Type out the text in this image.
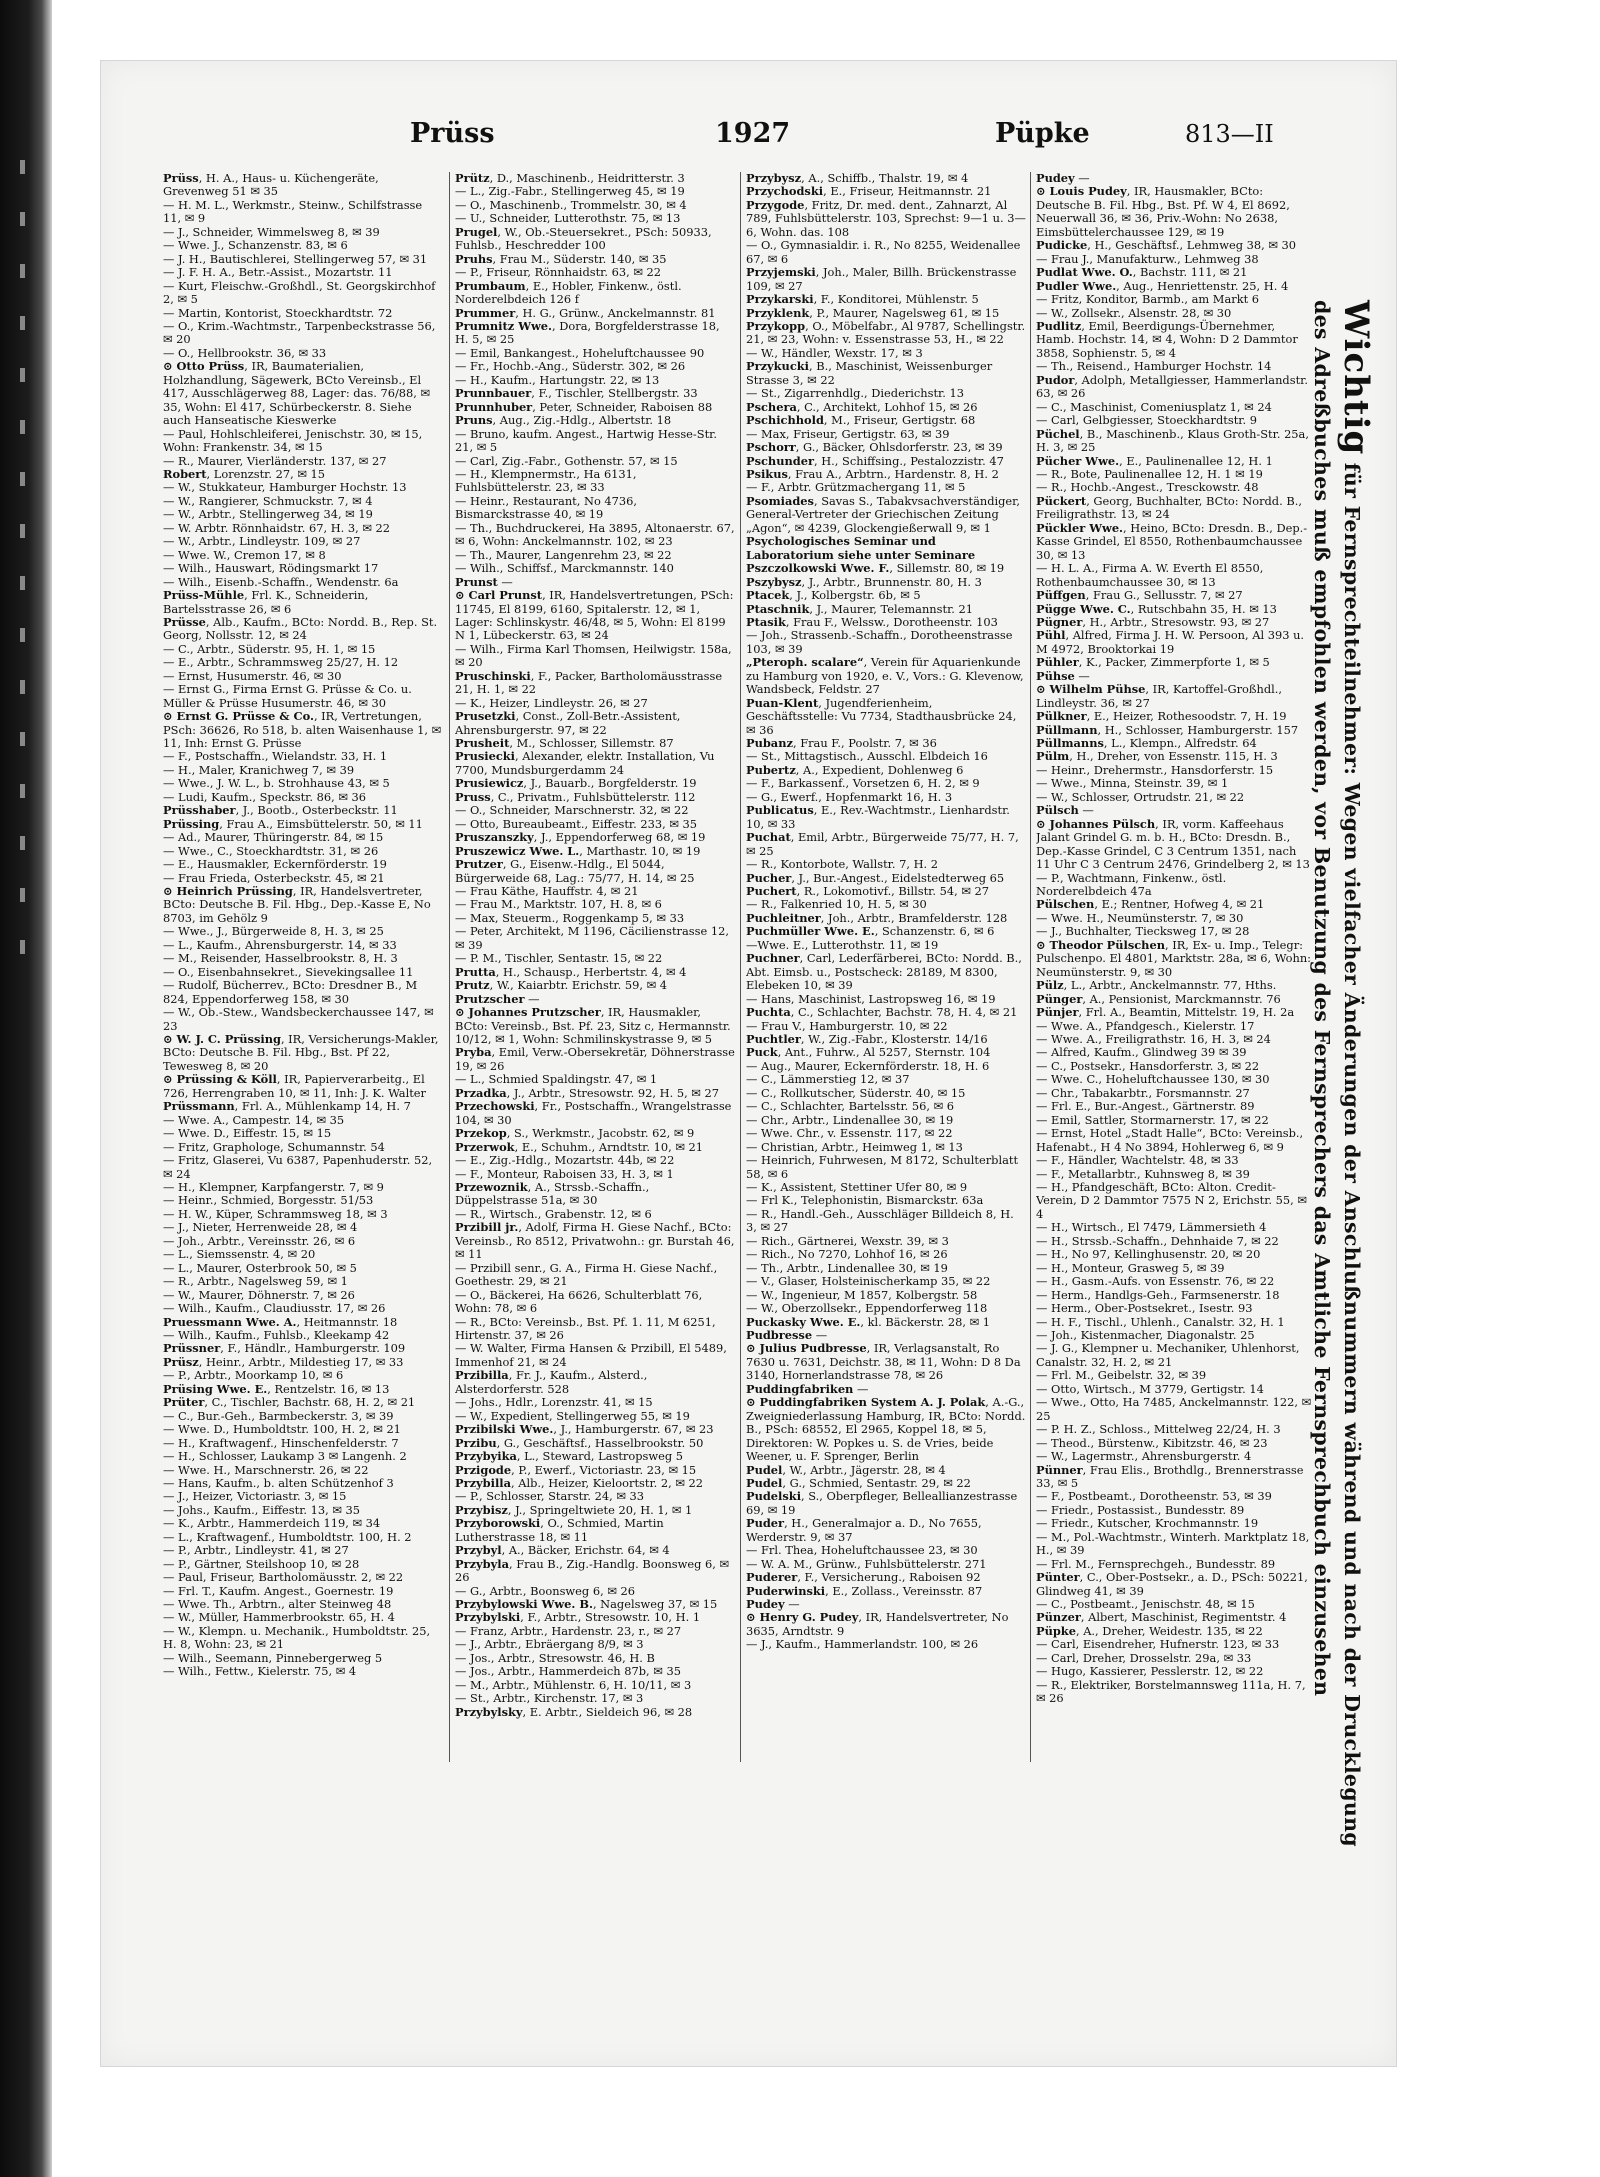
Prüss	1927	Püpke	813—II

Prüss, H. A., Haus- u. Küchengeräte, Grevenweg 51 ✉ 35

— H. M. L., Werkmstr., Steinw., Schilfstrasse 11, ✉ 9

— J., Schneider, Wimmelsweg 8, ✉ 39

— Wwe. J., Schanzenstr. 83, ✉ 6

— J. H., Bautischlerei, Stellingerweg 57, ✉ 31

— J. F. H. A., Betr.-Assist., Mozartstr. 11

— Kurt, Fleischw.-Großhdl., St. Georgskirchhof 2, ✉ 5

— Martin, Kontorist, Stoeckhardtstr. 72

— O., Krim.-Wachtmstr., Tarpenbeckstrasse 56, ✉ 20

— O., Hellbrookstr. 36, ✉ 33

⊙ Otto Prüss, IR, Baumaterialien, Holzhandlung, Sägewerk, BCto Vereinsb., El 417, Ausschlägerweg 88, Lager: das. 76/88, ✉ 35, Wohn: El 417, Schürbeckerstr. 8. Siehe auch Hanseatische Kieswerke

— Paul, Hohlschleiferei, Jenischstr. 30, ✉ 15, Wohn: Frankenstr. 34, ✉ 15

— R., Maurer, Vierländerstr. 137, ✉ 27

Robert, Lorenzstr. 27, ✉ 15

— W., Stukkateur, Hamburger Hochstr. 13

— W., Rangierer, Schmuckstr. 7, ✉ 4

— W., Arbtr., Stellingerweg 34, ✉ 19

— W. Arbtr. Rönnhaidstr. 67, H. 3, ✉ 22

— W., Arbtr., Lindleystr. 109, ✉ 27

— Wwe. W., Cremon 17, ✉ 8

— Wilh., Hauswart, Rödingsmarkt 17

— Wilh., Eisenb.-Schaffn., Wendenstr. 6a

Prüss-Mühle, Frl. K., Schneiderin, Bartelsstrasse 26, ✉ 6

Prüsse, Alb., Kaufm., BCto: Nordd. B., Rep. St. Georg, Nollsstr. 12, ✉ 24

— C., Arbtr., Süderstr. 95, H. 1, ✉ 15

— E., Arbtr., Schrammsweg 25/27, H. 12

— Ernst, Husumerstr. 46, ✉ 30

— Ernst G., Firma Ernst G. Prüsse & Co. u. Müller & Prüsse Husumerstr. 46, ✉ 30

⊙ Ernst G. Prüsse & Co., IR, Vertretungen, PSch: 36626, Ro 518, b. alten Waisenhause 1, ✉ 11, Inh: Ernst G. Prüsse

— F., Postschaffn., Wielandstr. 33, H. 1

— H., Maler, Kranichweg 7, ✉ 39

— Wwe., J. W. L., b. Strohhause 43, ✉ 5

— Ludi, Kaufm., Speckstr. 86, ✉ 36

Prüsshaber, J., Bootb., Osterbeckstr. 11

Prüssing, Frau A., Eimsbüttelerstr. 50, ✉ 11

— Ad., Maurer, Thüringerstr. 84, ✉ 15

— Wwe., C., Stoeckhardtstr. 31, ✉ 26

— E., Hausmakler, Eckernförderstr. 19

— Frau Frieda, Osterbeckstr. 45, ✉ 21

⊙ Heinrich Prüssing, IR, Handelsvertreter, BCto: Deutsche B. Fil. Hbg., Dep.-Kasse E, No 8703, im Gehölz 9

— Wwe., J., Bürgerweide 8, H. 3, ✉ 25

— L., Kaufm., Ahrensburgerstr. 14, ✉ 33

— M., Reisender, Hasselbrookstr. 8, H. 3

— O., Eisenbahnsekret., Sievekingsallee 11

— Rudolf, Bücherrev., BCto: Dresdner B., M 824, Eppendorferweg 158, ✉ 30

— W., Ob.-Stew., Wandsbeckerchaussee 147, ✉ 23

⊙ W. J. C. Prüssing, IR, Versicherungs-Makler, BCto: Deutsche B. Fil. Hbg., Bst. Pf 22, Tewesweg 8, ✉ 20

⊙ Prüssing & Köll, IR, Papierverarbeitg., El 726, Herrengraben 10, ✉ 11, Inh: J. K. Walter

Prüssmann, Frl. A., Mühlenkamp 14, H. 7

— Wwe. A., Campestr. 14, ✉ 35

— Wwe. D., Eiffestr. 15, ✉ 15

— Fritz, Graphologe, Schumannstr. 54

— Fritz, Glaserei, Vu 6387, Papenhuderstr. 52, ✉ 24

— H., Klempner, Karpfangerstr. 7, ✉ 9

— Heinr., Schmied, Borgesstr. 51/53

— H. W., Küper, Schrammsweg 18, ✉ 3

— J., Nieter, Herrenweide 28, ✉ 4

— Joh., Arbtr., Vereinsstr. 26, ✉ 6

— L., Siemssenstr. 4, ✉ 20

— L., Maurer, Osterbrook 50, ✉ 5

— R., Arbtr., Nagelsweg 59, ✉ 1

— W., Maurer, Döhnerstr. 7, ✉ 26

— Wilh., Kaufm., Claudiusstr. 17, ✉ 26

Pruessmann Wwe. A., Heitmannstr. 18

— Wilh., Kaufm., Fuhlsb., Kleekamp 42

Prüssner, F., Händlr., Hamburgerstr. 109

Prüsz, Heinr., Arbtr., Mildestieg 17, ✉ 33

— P., Arbtr., Moorkamp 10, ✉ 6

Prüsing Wwe. E., Rentzelstr. 16, ✉ 13

Prüter, C., Tischler, Bachstr. 68, H. 2, ✉ 21

— C., Bur.-Geh., Barmbeckerstr. 3, ✉ 39

— Wwe. D., Humboldtstr. 100, H. 2, ✉ 21

— H., Kraftwagenf., Hinschenfelderstr. 7

— H., Schlosser, Laukamp 3 ✉ Langenh. 2

— Wwe. H., Marschnerstr. 26, ✉ 22

— Hans, Kaufm., b. alten Schützenhof 3

— J., Heizer, Victoriastr. 3, ✉ 15

— Johs., Kaufm., Eiffestr. 13, ✉ 35

— K., Arbtr., Hammerdeich 119, ✉ 34

— L., Kraftwagenf., Humboldtstr. 100, H. 2

— P., Arbtr., Lindleystr. 41, ✉ 27

— P., Gärtner, Steilshoop 10, ✉ 28

— Paul, Friseur, Bartholomäusstr. 2, ✉ 22

— Frl. T., Kaufm. Angest., Goernestr. 19

— Wwe. Th., Arbtrn., alter Steinweg 48

— W., Müller, Hammerbrookstr. 65, H. 4

— W., Klempn. u. Mechanik., Humboldtstr. 25, H. 8, Wohn: 23, ✉ 21

— Wilh., Seemann, Pinnebergerweg 5

— Wilh., Fettw., Kielerstr. 75, ✉ 4

Prütz, D., Maschinenb., Heidritterstr. 3

— L., Zig.-Fabr., Stellingerweg 45, ✉ 19

— O., Maschinenb., Trommelstr. 30, ✉ 4

— U., Schneider, Lutterothstr. 75, ✉ 13

Prugel, W., Ob.-Steuersekret., PSch: 50933, Fuhlsb., Heschredder 100

Pruhs, Frau M., Süderstr. 140, ✉ 35

— P., Friseur, Rönnhaidstr. 63, ✉ 22

Prumbaum, E., Hobler, Finkenw., östl. Norderelbdeich 126 f

Prummer, H. G., Grünw., Anckelmannstr. 81

Prumnitz Wwe., Dora, Borgfelderstrasse 18, H. 5, ✉ 25

— Emil, Bankangest., Hoheluftchaussee 90

— Fr., Hochb.-Ang., Süderstr. 302, ✉ 26

— H., Kaufm., Hartungstr. 22, ✉ 13

Prunnbauer, F., Tischler, Stellbergstr. 33

Prunnhuber, Peter, Schneider, Raboisen 88

Pruns, Aug., Zig.-Hdlg., Albertstr. 18

— Bruno, kaufm. Angest., Hartwig Hesse-Str. 21, ✉ 5

— Carl, Zig.-Fabr., Gothenstr. 57, ✉ 15

— H., Klempnermstr., Ha 6131, Fuhlsbüttelerstr. 23, ✉ 33

— Heinr., Restaurant, No 4736, Bismarckstrasse 40, ✉ 19

— Th., Buchdruckerei, Ha 3895, Altonaerstr. 67, ✉ 6, Wohn: Anckelmannstr. 102, ✉ 23

— Th., Maurer, Langenrehm 23, ✉ 22

— Wilh., Schiffsf., Marckmannstr. 140

Prunst —

⊙ Carl Prunst, IR, Handelsvertretungen, PSch: 11745, El 8199, 6160, Spitalerstr. 12, ✉ 1, Lager: Schlinskystr. 46/48, ✉ 5, Wohn: El 8199 N 1, Lübeckerstr. 63, ✉ 24

— Wilh., Firma Karl Thomsen, Heilwigstr. 158a, ✉ 20

Pruschinski, F., Packer, Bartholomäusstrasse 21, H. 1, ✉ 22

— K., Heizer, Lindleystr. 26, ✉ 27

Prusetzki, Const., Zoll-Betr.-Assistent, Ahrensburgerstr. 97, ✉ 22

Prusheit, M., Schlosser, Sillemstr. 87

Prusiecki, Alexander, elektr. Installation, Vu 7700, Mundsburgerdamm 24

Prusiewicz, J., Bauarb., Borgfelderstr. 19

Pruss, C., Privatm., Fuhlsbüttelerstr. 112

— O., Schneider, Marschnerstr. 32, ✉ 22

— Otto, Bureaubeamt., Eiffestr. 233, ✉ 35

Pruszanszky, J., Eppendorferweg 68, ✉ 19

Pruszewicz Wwe. L., Marthastr. 10, ✉ 19

Prutzer, G., Eisenw.-Hdlg., El 5044, Bürgerweide 68, Lag.: 75/77, H. 14, ✉ 25

— Frau Käthe, Hauffstr. 4, ✉ 21

— Frau M., Marktstr. 107, H. 8, ✉ 6

— Max, Steuerm., Roggenkamp 5, ✉ 33

— Peter, Architekt, M 1196, Cäcilienstrasse 12, ✉ 39

— P. M., Tischler, Sentastr. 15, ✉ 22

Prutta, H., Schausp., Herbertstr. 4, ✉ 4

Prutz, W., Kaiarbtr. Erichstr. 59, ✉ 4

Prutzscher —

⊙ Johannes Prutzscher, IR, Hausmakler, BCto: Vereinsb., Bst. Pf. 23, Sitz c, Hermannstr. 10/12, ✉ 1, Wohn: Schmilinskystrasse 9, ✉ 5

Pryba, Emil, Verw.-Obersekretär, Döhnerstrasse 19, ✉ 26

— L., Schmied Spaldingstr. 47, ✉ 1

Przadka, J., Arbtr., Stresowstr. 92, H. 5, ✉ 27

Przechowski, Fr., Postschaffn., Wrangelstrasse 104, ✉ 30

Przekop, S., Werkmstr., Jacobstr. 62, ✉ 9

Przerwok, E., Schuhm., Arndtstr. 10, ✉ 21

— E., Zig.-Hdlg., Mozartstr. 44b, ✉ 22

— F., Monteur, Raboisen 33, H. 3, ✉ 1

Przewoznik, A., Strssb.-Schaffn., Düppelstrasse 51a, ✉ 30

— R., Wirtsch., Grabenstr. 12, ✉ 6

Przibill jr., Adolf, Firma H. Giese Nachf., BCto: Vereinsb., Ro 8512, Privatwohn.: gr. Burstah 46, ✉ 11

— Przibill senr., G. A., Firma H. Giese Nachf., Goethestr. 29, ✉ 21

— O., Bäckerei, Ha 6626, Schulterblatt 76, Wohn: 78, ✉ 6

— R., BCto: Vereinsb., Bst. Pf. 1. 11, M 6251, Hirtenstr. 37, ✉ 26

— W. Walter, Firma Hansen & Przibill, El 5489, Immenhof 21, ✉ 24

Przibilla, Fr. J., Kaufm., Alsterd., Alsterdorferstr. 528

— Johs., Hdlr., Lorenzstr. 41, ✉ 15

— W., Expedient, Stellingerweg 55, ✉ 19

Przibilski Wwe., J., Hamburgerstr. 67, ✉ 23

Przibu, G., Geschäftsf., Hasselbrookstr. 50

Przybyika, L., Steward, Lastropsweg 5

Przigode, P., Ewerf., Victoriastr. 23, ✉ 15

Przybilla, Alb., Heizer, Kieloortstr. 2, ✉ 22

— P., Schlosser, Starstr. 24, ✉ 33

Przybisz, J., Springeltwiete 20, H. 1, ✉ 1

Przyborowski, O., Schmied, Martin Lutherstrasse 18, ✉ 11

Przybyl, A., Bäcker, Erichstr. 64, ✉ 4

Przybyla, Frau B., Zig.-Handlg. Boonsweg 6, ✉ 26

— G., Arbtr., Boonsweg 6, ✉ 26

Przybylowski Wwe. B., Nagelsweg 37, ✉ 15

Przybylski, F., Arbtr., Stresowstr. 10, H. 1

— Franz, Arbtr., Hardenstr. 23, r., ✉ 27

— J., Arbtr., Ebräergang 8/9, ✉ 3

— Jos., Arbtr., Stresowstr. 46, H. B

— Jos., Arbtr., Hammerdeich 87b, ✉ 35

— M., Arbtr., Mühlenstr. 6, H. 10/11, ✉ 3

— St., Arbtr., Kirchenstr. 17, ✉ 3

Przybylsky, E. Arbtr., Sieldeich 96, ✉ 28

Przybysz, A., Schiffb., Thalstr. 19, ✉ 4

Przychodski, E., Friseur, Heitmannstr. 21

Przygode, Fritz, Dr. med. dent., Zahnarzt, Al 789, Fuhlsbüttelerstr. 103, Sprechst: 9—1 u. 3—6, Wohn. das. 108

— O., Gymnasialdir. i. R., No 8255, Weidenallee 67, ✉ 6

Przyjemski, Joh., Maler, Billh. Brückenstrasse 109, ✉ 27

Przykarski, F., Konditorei, Mühlenstr. 5

Przyklenk, P., Maurer, Nagelsweg 61, ✉ 15

Przykopp, O., Möbelfabr., Al 9787, Schellingstr. 21, ✉ 23, Wohn: v. Essenstrasse 53, H., ✉ 22

— W., Händler, Wexstr. 17, ✉ 3

Przykucki, B., Maschinist, Weissenburger Strasse 3, ✉ 22

— St., Zigarrenhdlg., Diederichstr. 13

Pschera, C., Architekt, Lohhof 15, ✉ 26

Pschichhold, M., Friseur, Gertigstr. 68

— Max, Friseur, Gertigstr. 63, ✉ 39

Pschorr, G., Bäcker, Ohlsdorferstr. 23, ✉ 39

Pschunder, H., Schiffsing., Pestalozzistr. 47

Psikus, Frau A., Arbtrn., Hardenstr. 8, H. 2

— F., Arbtr. Grützmachergang 11, ✉ 5

Psomiades, Savas S., Tabakvsachverständiger, General-Vertreter der Griechischen Zeitung „Agon“, ✉ 4239, Glockengießerwall 9, ✉ 1

Psychologisches Seminar und Laboratorium siehe unter Seminare

Pszczolkowski Wwe. F., Sillemstr. 80, ✉ 19

Pszybysz, J., Arbtr., Brunnenstr. 80, H. 3

Ptacek, J., Kolbergstr. 6b, ✉ 5

Ptaschnik, J., Maurer, Telemannstr. 21

Ptasik, Frau F., Welssw., Dorotheenstr. 103

— Joh., Strassenb.-Schaffn., Dorotheenstrasse 103, ✉ 39

„Pteroph. scalare“, Verein für Aquarienkunde zu Hamburg von 1920, e. V., Vors.: G. Klevenow, Wandsbeck, Feldstr. 27

Puan-Klent, Jugendferienheim, Geschäftsstelle: Vu 7734, Stadthausbrücke 24, ✉ 36

Pubanz, Frau F., Poolstr. 7, ✉ 36

— St., Mittagstisch., Ausschl. Elbdeich 16

Pubertz, A., Expedient, Dohlenweg 6

— F., Barkassenf., Vorsetzen 6, H. 2, ✉ 9

— G., Ewerf., Hopfenmarkt 16, H. 3

Publicatus, E., Rev.-Wachtmstr., Lienhardstr. 10, ✉ 33

Puchat, Emil, Arbtr., Bürgerweide 75/77, H. 7, ✉ 25

— R., Kontorbote, Wallstr. 7, H. 2

Pucher, J., Bur.-Angest., Eidelstedterweg 65

Puchert, R., Lokomotivf., Billstr. 54, ✉ 27

— R., Falkenried 10, H. 5, ✉ 30

Puchleitner, Joh., Arbtr., Bramfelderstr. 128

Puchmüller Wwe. E., Schanzenstr. 6, ✉ 6

—Wwe. E., Lutterothstr. 11, ✉ 19

Puchner, Carl, Lederfärberei, BCto: Nordd. B., Abt. Eimsb. u., Postscheck: 28189, M 8300, Elebeken 10, ✉ 39

— Hans, Maschinist, Lastropsweg 16, ✉ 19

Puchta, C., Schlachter, Bachstr. 78, H. 4, ✉ 21

— Frau V., Hamburgerstr. 10, ✉ 22

Puchtler, W., Zig.-Fabr., Klosterstr. 14/16

Puck, Ant., Fuhrw., Al 5257, Sternstr. 104

— Aug., Maurer, Eckernförderstr. 18, H. 6

— C., Lämmerstieg 12, ✉ 37

— C., Rollkutscher, Süderstr. 40, ✉ 15

— C., Schlachter, Bartelsstr. 56, ✉ 6

— Chr., Arbtr., Lindenallee 30, ✉ 19

— Wwe. Chr., v. Essenstr. 117, ✉ 22

— Christian, Arbtr., Heimweg 1, ✉ 13

— Heinrich, Fuhrwesen, M 8172, Schulterblatt 58, ✉ 6

— K., Assistent, Stettiner Ufer 80, ✉ 9

— Frl K., Telephonistin, Bismarckstr. 63a

— R., Handl.-Geh., Ausschläger Billdeich 8, H. 3, ✉ 27

— Rich., Gärtnerei, Wexstr. 39, ✉ 3

— Rich., No 7270, Lohhof 16, ✉ 26

— Th., Arbtr., Lindenallee 30, ✉ 19

— V., Glaser, Holsteinischerkamp 35, ✉ 22

— W., Ingenieur, M 1857, Kolbergstr. 58

— W., Oberzollsekr., Eppendorferweg 118

Puckasky Wwe. E., kl. Bäckerstr. 28, ✉ 1

Pudbresse —

⊙ Julius Pudbresse, IR, Verlagsanstalt, Ro 7630 u. 7631, Deichstr. 38, ✉ 11, Wohn: D 8 Da 3140, Hornerlandstrasse 78, ✉ 26

Puddingfabriken —

⊙ Puddingfabriken System A. J. Polak, A.-G., Zweigniederlassung Hamburg, IR, BCto: Nordd. B., PSch: 68552, El 2965, Koppel 18, ✉ 5, Direktoren: W. Popkes u. S. de Vries, beide Weener, u. F. Sprenger, Berlin

Pudel, W., Arbtr., Jägerstr. 28, ✉ 4

Pudel, G., Schmied, Sentastr. 29, ✉ 22

Pudelski, S., Oberpfleger, Belleallianzestrasse 69, ✉ 19

Puder, H., Generalmajor a. D., No 7655, Werderstr. 9, ✉ 37

— Frl. Thea, Hoheluftchaussee 23, ✉ 30

— W. A. M., Grünw., Fuhlsbüttelerstr. 271

Puderer, F., Versicherung., Raboisen 92

Puderwinski, E., Zollass., Vereinsstr. 87

Pudey —

⊙ Henry G. Pudey, IR, Handelsvertreter, No 3635, Arndtstr. 9

— J., Kaufm., Hammerlandstr. 100, ✉ 26

Pudey —

⊙ Louis Pudey, IR, Hausmakler, BCto: Deutsche B. Fil. Hbg., Bst. Pf. W 4, El 8692, Neuerwall 36, ✉ 36, Priv.-Wohn: No 2638, Eimsbüttelerchaussee 129, ✉ 19

Pudicke, H., Geschäftsf., Lehmweg 38, ✉ 30

— Frau J., Manufakturw., Lehmweg 38

Pudlat Wwe. O., Bachstr. 111, ✉ 21

Pudler Wwe., Aug., Henriettenstr. 25, H. 4

— Fritz, Konditor, Barmb., am Markt 6

— W., Zollsekr., Alsenstr. 28, ✉ 30

Pudlitz, Emil, Beerdigungs-Übernehmer, Hamb. Hochstr. 14, ✉ 4, Wohn: D 2 Dammtor 3858, Sophienstr. 5, ✉ 4

— Th., Reisend., Hamburger Hochstr. 14

Pudor, Adolph, Metallgiesser, Hammerlandstr. 63, ✉ 26

— C., Maschinist, Comeniusplatz 1, ✉ 24

— Carl, Gelbgiesser, Stoeckhardtstr. 9

Püchel, B., Maschinenb., Klaus Groth-Str. 25a, H. 3, ✉ 25

Pücher Wwe., E., Paulinenallee 12, H. 1

— R., Bote, Paulinenallee 12, H. 1 ✉ 19

— R., Hochb.-Angest., Tresckowstr. 48

Pückert, Georg, Buchhalter, BCto: Nordd. B., Freiligrathstr. 13, ✉ 24

Pückler Wwe., Heino, BCto: Dresdn. B., Dep.-Kasse Grindel, El 8550, Rothenbaumchaussee 30, ✉ 13

— H. L. A., Firma A. W. Everth El 8550, Rothenbaumchaussee 30, ✉ 13

Püffgen, Frau G., Sellusstr. 7, ✉ 27

Pügge Wwe. C., Rutschbahn 35, H. ✉ 13

Pügner, H., Arbtr., Stresowstr. 93, ✉ 27

Pühl, Alfred, Firma J. H. W. Persoon, Al 393 u. M 4972, Brooktorkai 19

Pühler, K., Packer, Zimmerpforte 1, ✉ 5

Pühse —

⊙ Wilhelm Pühse, IR, Kartoffel-Großhdl., Lindleystr. 36, ✉ 27

Pülkner, E., Heizer, Rothesoodstr. 7, H. 19

Püllmann, H., Schlosser, Hamburgerstr. 157

Püllmanns, L., Klempn., Alfredstr. 64

Pülm, H., Dreher, von Essenstr. 115, H. 3

— Heinr., Drehermstr., Hansdorferstr. 15

— Wwe., Minna, Steinstr. 39, ✉ 1

— W., Schlosser, Ortrudstr. 21, ✉ 22

Pülsch —

⊙ Johannes Pülsch, IR, vorm. Kaffeehaus Jalant Grindel G. m. b. H., BCto: Dresdn. B., Dep.-Kasse Grindel, C 3 Centrum 1351, nach 11 Uhr C 3 Centrum 2476, Grindelberg 2, ✉ 13

— P., Wachtmann, Finkenw., östl. Norderelbdeich 47a

Pülschen, E.; Rentner, Hofweg 4, ✉ 21

— Wwe. H., Neumünsterstr. 7, ✉ 30

— J., Buchhalter, Tiecksweg 17, ✉ 28

⊙ Theodor Pülschen, IR, Ex- u. Imp., Telegr: Pulschenpo. El 4801, Marktstr. 28a, ✉ 6, Wohn: Neumünsterstr. 9, ✉ 30

Pülz, L., Arbtr., Anckelmannstr. 77, Hths.

Pünger, A., Pensionist, Marckmannstr. 76

Pünjer, Frl. A., Beamtin, Mittelstr. 19, H. 2a

— Wwe. A., Pfandgesch., Kielerstr. 17

— Wwe. A., Freiligrathstr. 16, H. 3, ✉ 24

— Alfred, Kaufm., Glindweg 39 ✉ 39

— C., Postsekr., Hansdorferstr. 3, ✉ 22

— Wwe. C., Hoheluftchaussee 130, ✉ 30

— Chr., Tabakarbtr., Forsmannstr. 27

— Frl. E., Bur.-Angest., Gärtnerstr. 89

— Emil, Sattler, Stormarnerstr. 17, ✉ 22

— Ernst, Hotel „Stadt Halle“, BCto: Vereinsb., Hafenabt., H 4 No 3894, Hohlerweg 6, ✉ 9

— F., Händler, Wachtelstr. 48, ✉ 33

— F., Metallarbtr., Kuhnsweg 8, ✉ 39

— H., Pfandgeschäft, BCto: Alton. Credit-Verein, D 2 Dammtor 7575 N 2, Erichstr. 55, ✉ 4

— H., Wirtsch., El 7479, Lämmersieth 4

— H., Strssb.-Schaffn., Dehnhaide 7, ✉ 22

— H., No 97, Kellinghusenstr. 20, ✉ 20

— H., Monteur, Grasweg 5, ✉ 39

— H., Gasm.-Aufs. von Essenstr. 76, ✉ 22

— Herm., Handlgs-Geh., Farmsenerstr. 18

— Herm., Ober-Postsekret., Isestr. 93

— H. F., Tischl., Uhlenh., Canalstr. 32, H. 1

— Joh., Kistenmacher, Diagonalstr. 25

— J. G., Klempner u. Mechaniker, Uhlenhorst, Canalstr. 32, H. 2, ✉ 21

— Frl. M., Geibelstr. 32, ✉ 39

— Otto, Wirtsch., M 3779, Gertigstr. 14

— Wwe., Otto, Ha 7485, Anckelmannstr. 122, ✉ 25

— P. H. Z., Schloss., Mittelweg 22/24, H. 3

— Theod., Bürstenw., Kibitzstr. 46, ✉ 23

— W., Lagermstr., Ahrensburgerstr. 4

Pünner, Frau Elis., Brothdlg., Brennerstrasse 33, ✉ 5

— F., Postbeamt., Dorotheenstr. 53, ✉ 39

— Friedr., Postassist., Bundesstr. 89

— Friedr., Kutscher, Krochmannstr. 19

— M., Pol.-Wachtmstr., Winterh. Marktplatz 18, H., ✉ 39

— Frl. M., Fernsprechgeh., Bundesstr. 89

Pünter, C., Ober-Postsekr., a. D., PSch: 50221, Glindweg 41, ✉ 39

— C., Postbeamt., Jenischstr. 48, ✉ 15

Pünzer, Albert, Maschinist, Regimentstr. 4

Püpke, A., Dreher, Weidestr. 135, ✉ 22

— Carl, Eisendreher, Hufnerstr. 123, ✉ 33

— Carl, Dreher, Drosselstr. 29a, ✉ 33

— Hugo, Kassierer, Pesslerstr. 12, ✉ 22

— R., Elektriker, Borstelmannsweg 111a, H. 7, ✉ 26

Wichtig für Fernsprechteilnehmer: Wegen vielfacher Änderungen der Anschlußnummern während und nach der Drucklegung
des Adreßbuches muß empfohlen werden, vor Benutzung des Fernsprechers das Amtliche Fernsprechbuch einzusehen
